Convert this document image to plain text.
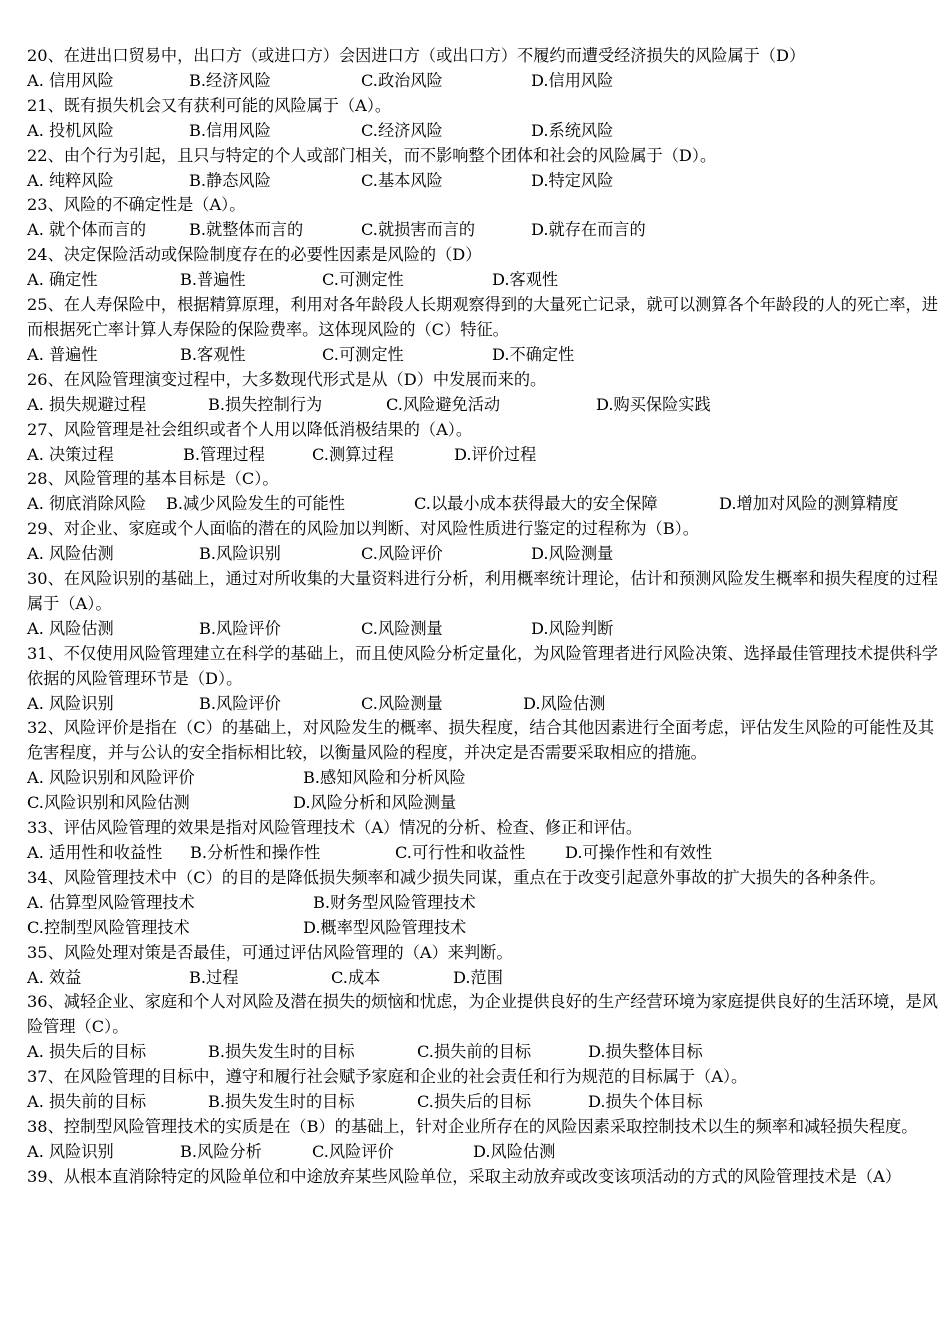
20、在进出口贸易中，出口方（或进口方）会因进口方（或出口方）不履约而遭受经济损失的风险属于（D）

A. 信用风险	B.经济风险	C.政治风险	D.信用风险

21、既有损失机会又有获利可能的风险属于（A）。

A. 投机风险	B.信用风险	C.经济风险	D.系统风险

22、由个行为引起，且只与特定的个人或部门相关，而不影响整个团体和社会的风险属于（D）。

A. 纯粹风险	B.静态风险	C.基本风险	D.特定风险

23、风险的不确定性是（A）。

A. 就个体而言的	B.就整体而言的	C.就损害而言的	D.就存在而言的

24、决定保险活动或保险制度存在的必要性因素是风险的（D）

A. 确定性	B.普遍性	C.可测定性	D.客观性

25、在人寿保险中，根据精算原理，利用对各年龄段人长期观察得到的大量死亡记录，就可以测算各个年龄段的人的死亡率，进而根据死亡率计算人寿保险的保险费率。这体现风险的（C）特征。

A. 普遍性	B.客观性	C.可测定性	D.不确定性

26、在风险管理演变过程中，大多数现代形式是从（D）中发展而来的。

A. 损失规避过程	B.损失控制行为	C.风险避免活动	D.购买保险实践

27、风险管理是社会组织或者个人用以降低消极结果的（A）。

A. 决策过程	B.管理过程	C.测算过程	D.评价过程

28、风险管理的基本目标是（C）。

A. 彻底消除风险	B.减少风险发生的可能性	C.以最小成本获得最大的安全保障	D.增加对风险的测算精度

29、对企业、家庭或个人面临的潜在的风险加以判断、对风险性质进行鉴定的过程称为（B）。

A. 风险估测	B.风险识别	C.风险评价	D.风险测量

30、在风险识别的基础上，通过对所收集的大量资料进行分析，利用概率统计理论，估计和预测风险发生概率和损失程度的过程属于（A）。

A. 风险估测	B.风险评价	C.风险测量	D.风险判断

31、不仅使用风险管理建立在科学的基础上，而且使风险分析定量化，为风险管理者进行风险决策、选择最佳管理技术提供科学依据的风险管理环节是（D）。

A. 风险识别	B.风险评价	C.风险测量	D.风险估测

32、风险评价是指在（C）的基础上，对风险发生的概率、损失程度，结合其他因素进行全面考虑，评估发生风险的可能性及其危害程度，并与公认的安全指标相比较，以衡量风险的程度，并决定是否需要采取相应的措施。

A. 风险识别和风险评价	B.感知风险和分析风险
C.风险识别和风险估测	D.风险分析和风险测量

33、评估风险管理的效果是指对风险管理技术（A）情况的分析、检查、修正和评估。

A. 适用性和收益性	B.分析性和操作性	C.可行性和收益性	D.可操作性和有效性

34、风险管理技术中（C）的目的是降低损失频率和减少损失同谋，重点在于改变引起意外事故的扩大损失的各种条件。

A. 估算型风险管理技术	B.财务型风险管理技术
C.控制型风险管理技术	D.概率型风险管理技术

35、风险处理对策是否最佳，可通过评估风险管理的（A）来判断。

A. 效益	B.过程	C.成本	D.范围

36、减轻企业、家庭和个人对风险及潜在损失的烦恼和忧虑，为企业提供良好的生产经营环境为家庭提供良好的生活环境，是风险管理（C）。

A. 损失后的目标	B.损失发生时的目标	C.损失前的目标	D.损失整体目标

37、在风险管理的目标中，遵守和履行社会赋予家庭和企业的社会责任和行为规范的目标属于（A）。

A. 损失前的目标	B.损失发生时的目标	C.损失后的目标	D.损失个体目标

38、控制型风险管理技术的实质是在（B）的基础上，针对企业所存在的风险因素采取控制技术以生的频率和减轻损失程度。

A. 风险识别	B.风险分析	C.风险评价	D.风险估测

39、从根本直消除特定的风险单位和中途放弃某些风险单位，采取主动放弃或改变该项活动的方式的风险管理技术是（A）
